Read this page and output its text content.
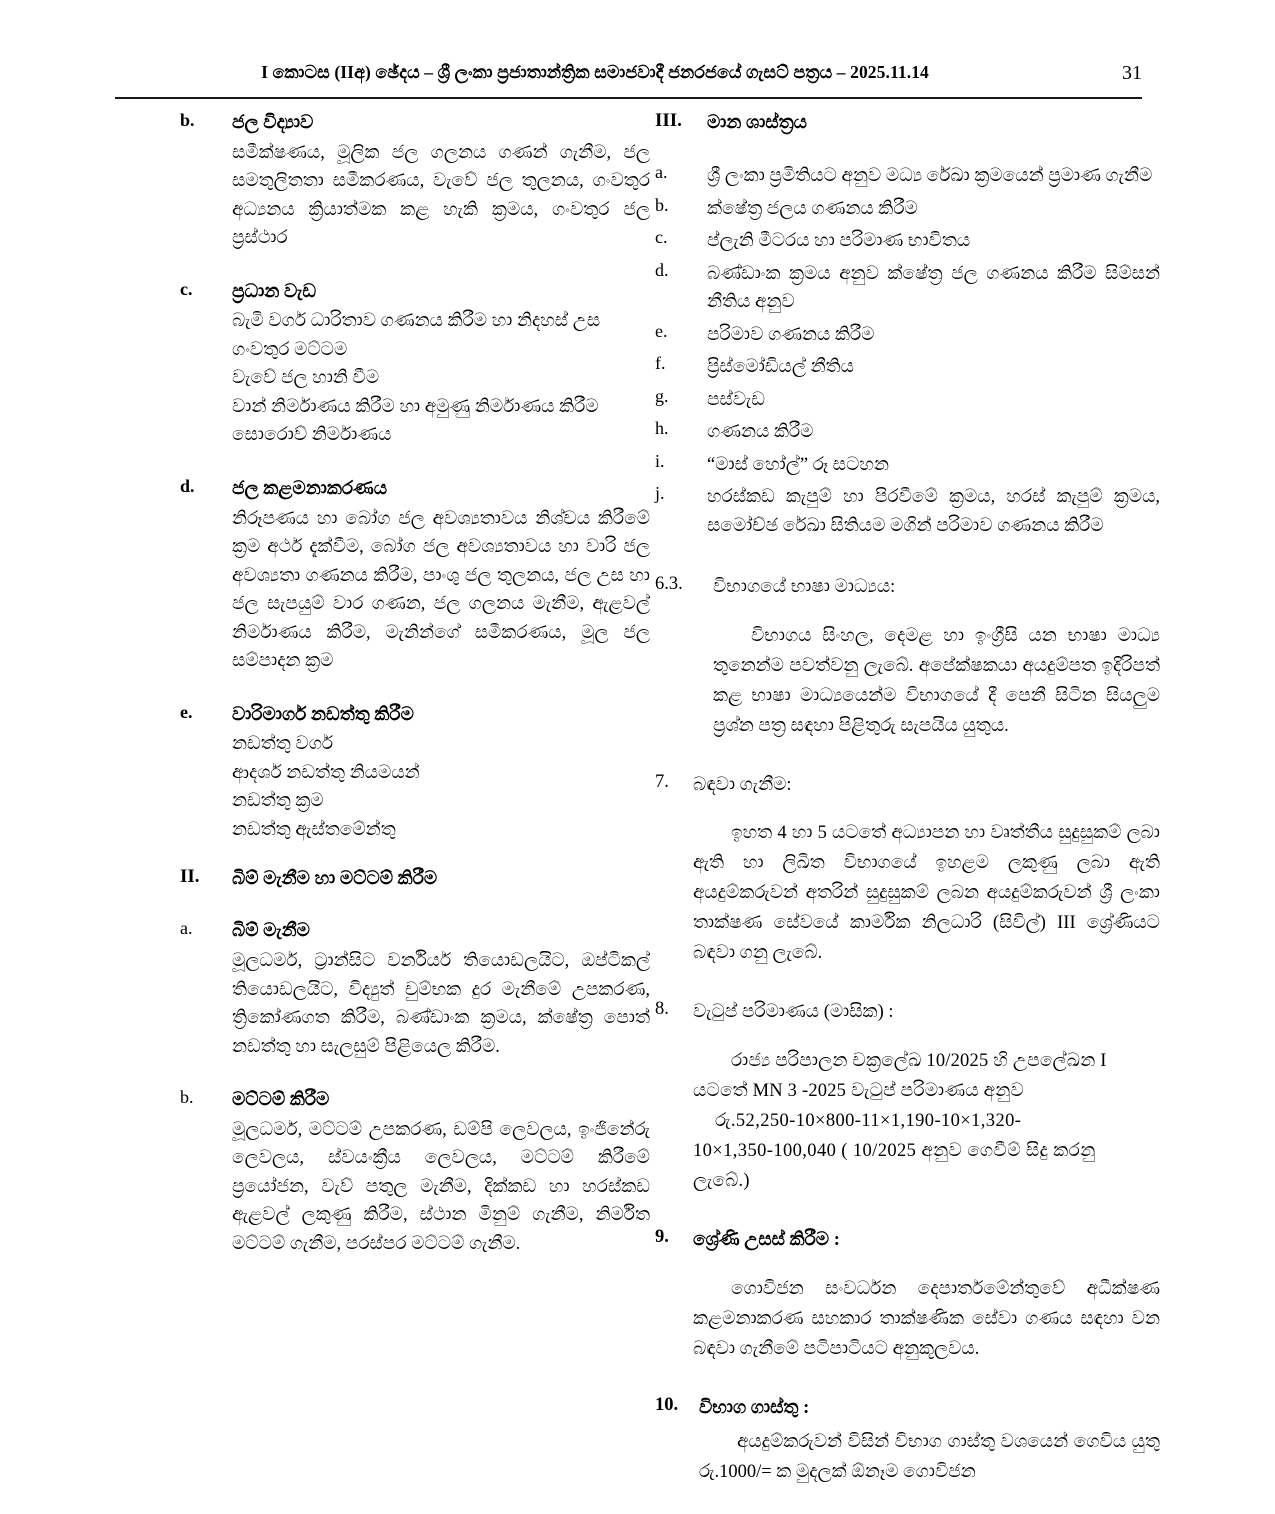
I කොටස (IIඅ) ඡේදය – ශ්‍රී ලංකා ප්‍රජාතාන්ත්‍රික සමාජවාදී ජනරජයේ ගැසට් පත්‍රය – 2025.11.14	31
b.	ජල විද්‍යාව
සමීක්ෂණය, මූලික ජල ගලනය ගණන් ගැනීම, ජල සමතුලිතතා සමීකරණය, වැවේ ජල තුලනය, ගංවතුර අධ්‍යනය ක්‍රියාත්මක කළ හැකි ක්‍රමය, ගංවතුර ජල ප්‍රස්ථාර
c.	ප්‍රධාන වැඩ
බැමි වර්ග ධාරිතාව ගණනය කිරීම හා නිදහස් උස
ගංවතුර මට්ටම
වැවේ ජල හානි වීම
වාන් නිර්මාණය කිරීම හා අමුණු නිර්මාණය කිරීම
සොරොව් නිර්මාණය
d.	ජල කළමනාකරණය
නිරූපණය හා බෝග ජල අවශ්‍යතාවය නිශ්චය කිරීමේ ක්‍රම අර්ථ දැක්වීම, බෝග ජල අවශ්‍යතාවය හා වාරි ජල අවශ්‍යතා ගණනය කිරීම, පාංශු ජල තුලනය, ජල උස හා ජල සැපයුම් වාර ගණන, ජල ගලනය මැනීම, ඇළවල් නිර්මාණය කිරීම, මැනින්ගේ සමීකරණය, මූල ජල සම්පාදන ක්‍රම
e.	වාරිමාර්ග නඩත්තු කිරීම
නඩත්තු වර්ග
ආදර්ශ නඩත්තු නියමයන්
නඩත්තු ක්‍රම
නඩත්තු ඇස්තමේන්තු
II.	බිම් මැනීම හා මට්ටම් කිරීම
a.	බිම් මැනීම
මූලධර්ම, ට්‍රාන්සිට වර්නියර් තියොඩලයිට, ඔප්ටිකල් තියොඩලයිට, විද්‍යුත් චුම්භක දුර මැනීමේ උපකරණ, ත්‍රිකෝණගත කිරීම, බණ්ඩාංක ක්‍රමය, ක්ෂේත්‍ර පොත් නඩත්තු හා සැලසුම් පිළියෙල කිරීම.
b.	මට්ටම් කිරීම
මූලධර්ම, මට්ටම් උපකරණ, ඩම්පි ලෙවලය, ඉංජිනේරු ලෙවලය, ස්වයංක්‍රීය ලෙවලය, මට්ටම් කිරීමේ ප්‍රයෝජන, වැව් පතුල මැනීම, දික්කඩ හා හරස්කඩ ඇළවල් ලකුණු කිරීම, ස්ථාන මිනුම් ගැනීම, නිර්මිත මට්ටම් ගැනීම, පරස්පර මට්ටම් ගැනීම.
III.	මාන ශාස්ත්‍රය
a.	ශ්‍රී ලංකා ප්‍රමිතියට අනුව මධ්‍ය රේඛා ක්‍රමයෙන් ප්‍රමාණ ගැනීම
b.	ක්ෂේත්‍ර ජලය ගණනය කිරීම
c.	ප්ලැනි මීටරය හා පරිමාණ භාවිතය
d.	බණ්ඩාංක ක්‍රමය අනුව ක්ෂේත්‍ර ජල ගණනය කිරීම සිම්සන් නීතිය අනුව
e.	පරිමාව ගණනය කිරීම
f.	ප්‍රිස්මෝඩියල් නීතිය
g.	පස්වැඩ
h.	ගණනය කිරීම
i.	“මාස් හෝල්” රූ සටහන
j.	හරස්කඩ කැපුම් හා පිරවීමේ ක්‍රමය, හරස් කැපුම් ක්‍රමය, සමෝච්ඡ රේඛා සිතියම මගින් පරිමාව ගණනය කිරීම
6.3.	විභාගයේ භාෂා මාධ්‍යය:
විභාගය සිංහල, දෙමළ හා ඉංග්‍රීසි යන භාෂා මාධ්‍ය තුනෙන්ම පවත්වනු ලැබේ. අපේක්ෂකයා අයදුම්පත ඉදිරිපත් කළ භාෂා මාධ්‍යයෙන්ම විභාගයේ දී පෙනී සිටින සියලුම ප්‍රශ්න පත්‍ර සඳහා පිළිතුරු සැපයිය යුතුය.
7.	බඳවා ගැනීම:
ඉහත 4 හා 5 යටතේ අධ්‍යාපන හා වෘත්තීය සුදුසුකම් ලබා ඇති හා ලිඛිත විභාගයේ ඉහළම ලකුණු ලබා ඇති අයදුම්කරුවන් අතරින් සුදුසුකම් ලබන අයදුම්කරුවන් ශ්‍රී ලංකා තාක්ෂණ සේවයේ කාර්මික නිලධාරි (සිවිල්) III ශ්‍රේණියට බඳවා ගනු ලැබේ.
8.	වැටුප් පරිමාණය (මාසික) :
රාජ්‍ය පරිපාලන චක්‍රලේඛ 10/2025 හි උපලේඛන I
යටතේ MN 3 -2025 වැටුප් පරිමාණය අනුව
රු.52,250-10×800-11×1,190-10×1,320-
10×1,350-100,040 ( 10/2025 අනුව ගෙවීම් සිදු කරනු
ලැබේ.)
9.	ශ්‍රේණි උසස් කිරීම :
ගොවිජන සංවර්ධන දෙපාර්තමේන්තුවේ අධීක්ෂණ කළමනාකරණ සහකාර තාක්ෂණික සේවා ගණය සඳහා වන බඳවා ගැනීමේ පටිපාටියට අනුකූලවය.
10.	විභාග ගාස්තු :
අයදුම්කරුවන් විසින් විභාග ගාස්තු වශයෙන් ගෙවිය යුතු රු.1000/= ක මුදලක් ඕනෑම ගොවිජන
